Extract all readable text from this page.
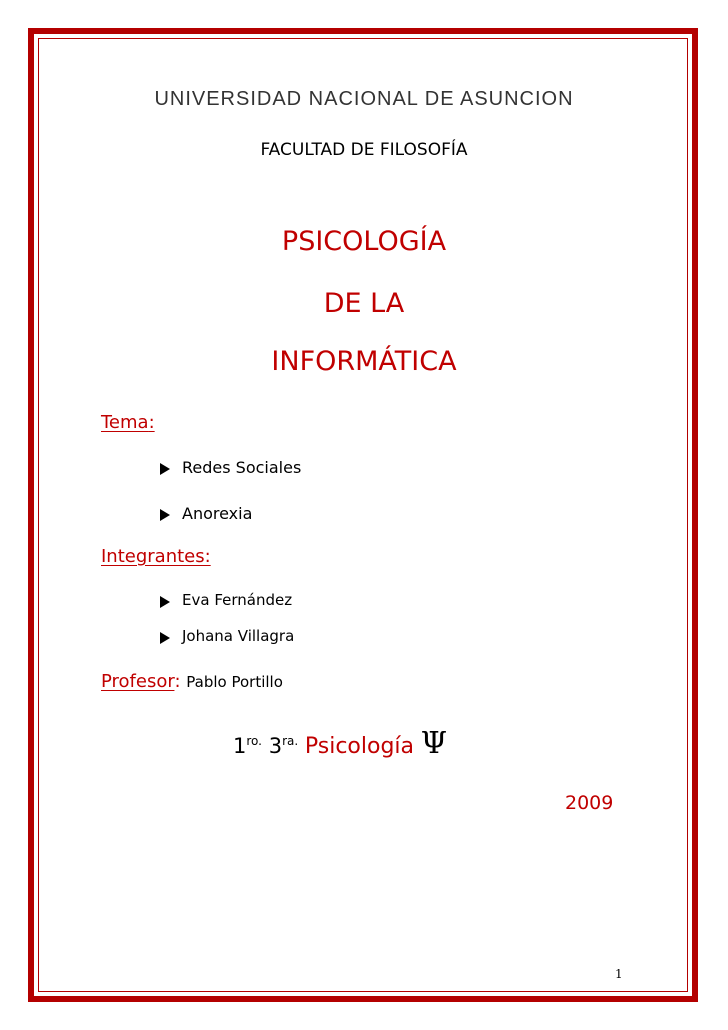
UNIVERSIDAD NACIONAL DE ASUNCION
FACULTAD DE FILOSOFÍA
PSICOLOGÍA
DE LA
INFORMÁTICA
Tema:
Redes Sociales
Anorexia
Integrantes:
Eva Fernández
Johana Villagra
Profesor: Pablo Portillo
$1^{ro.}$ $3^{ra.}$ Psicología Ψ
2009
1
